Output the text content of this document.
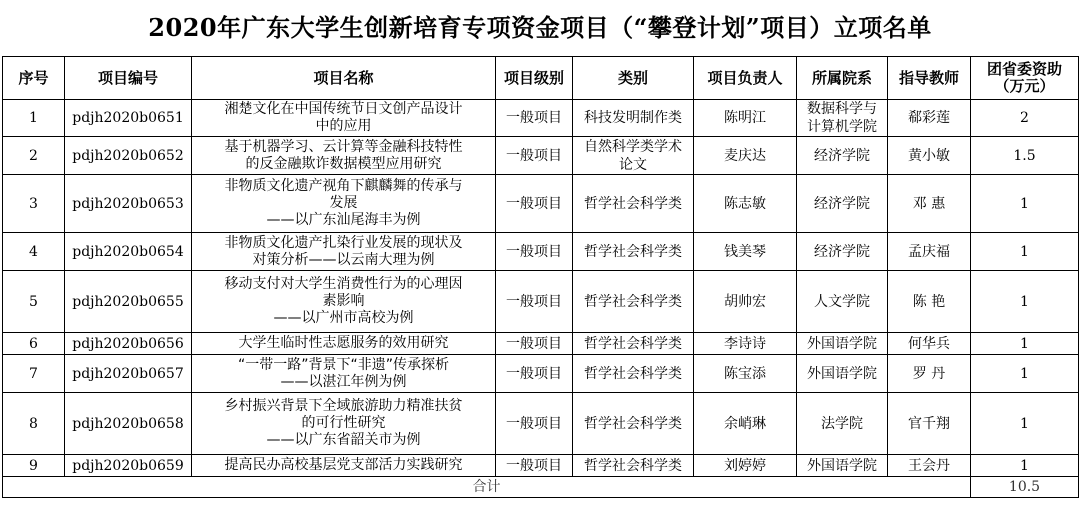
2020年广东大学生创新培育专项资金项目（“攀登计划”项目）立项名单
序号	项目编号	项目名称	项目级别	类别	项目负责人	所属院系	指导教师	团省委资助
（万元）

1	pdjh2020b0651	湘楚文化在中国传统节日文创产品设计
中的应用	一般项目	科技发明制作类	陈明江	数据科学与
计算机学院	郗彩莲	2
2	pdjh2020b0652	基于机器学习、云计算等金融科技特性
的反金融欺诈数据模型应用研究	一般项目	自然科学类学术
论文	麦庆达	经济学院	黄小敏	1.5
3	pdjh2020b0653	非物质文化遗产视角下麒麟舞的传承与
发展
——以广东汕尾海丰为例	一般项目	哲学社会科学类	陈志敏	经济学院	邓 惠	1
4	pdjh2020b0654	非物质文化遗产扎染行业发展的现状及
对策分析——以云南大理为例	一般项目	哲学社会科学类	钱美琴	经济学院	孟庆福	1
5	pdjh2020b0655	移动支付对大学生消费性行为的心理因
素影响
——以广州市高校为例	一般项目	哲学社会科学类	胡帅宏	人文学院	陈 艳	1
6	pdjh2020b0656	大学生临时性志愿服务的效用研究	一般项目	哲学社会科学类	李诗诗	外国语学院	何华兵	1
7	pdjh2020b0657	“一带一路”背景下“非遗”传承探析
——以湛江年例为例	一般项目	哲学社会科学类	陈宝添	外国语学院	罗 丹	1
8	pdjh2020b0658	乡村振兴背景下全域旅游助力精准扶贫
的可行性研究
——以广东省韶关市为例	一般项目	哲学社会科学类	余峭琳	法学院	官千翔	1
9	pdjh2020b0659	提高民办高校基层党支部活力实践研究	一般项目	哲学社会科学类	刘婷婷	外国语学院	王会丹	1
合计								10.5
